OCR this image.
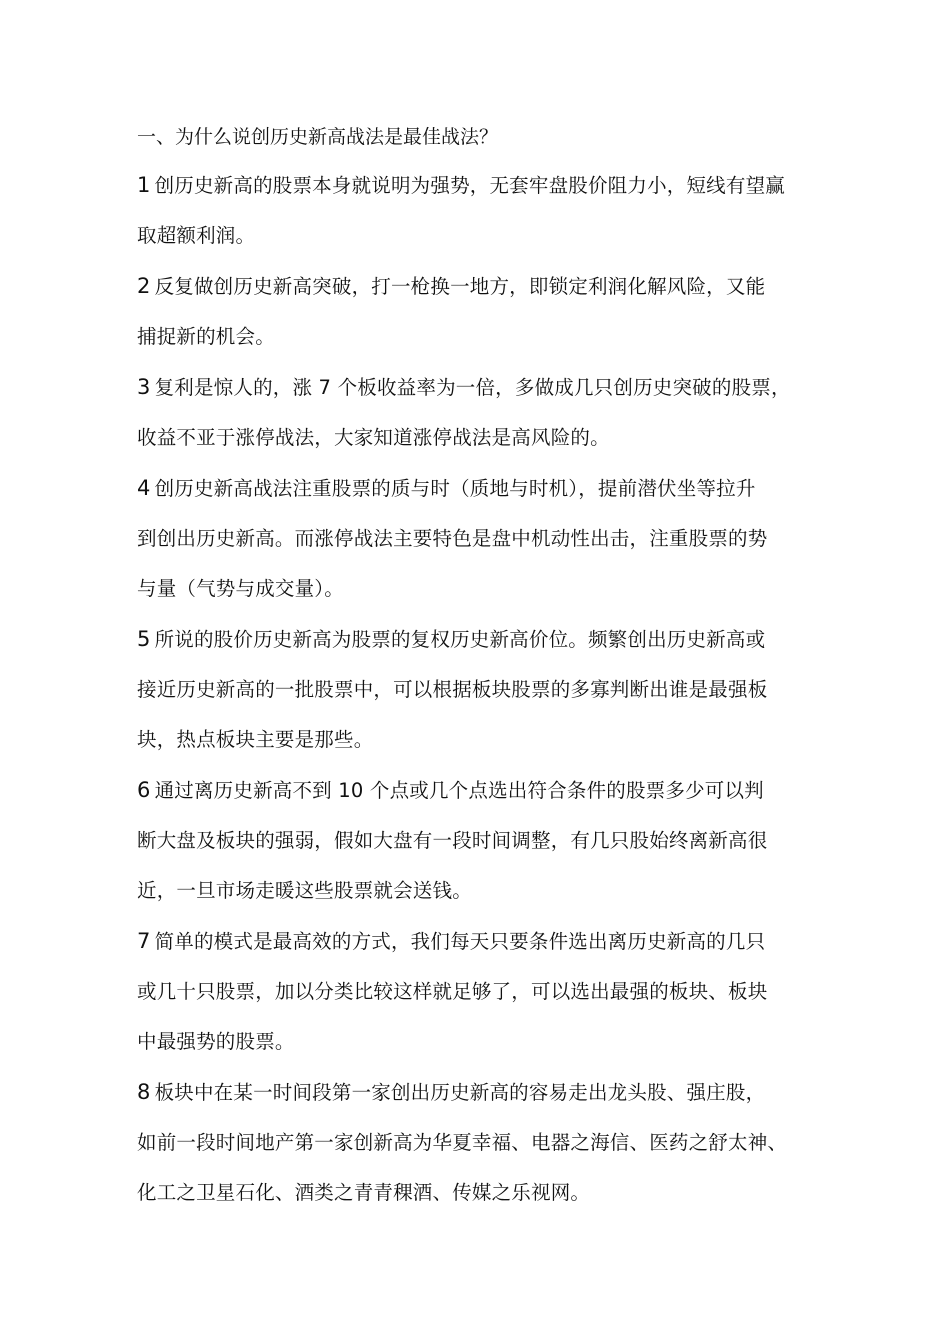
一、为什么说创历史新高战法是最佳战法？
1 创历史新高的股票本身就说明为强势，无套牢盘股价阻力小，短线有望赢
取超额利润。
2 反复做创历史新高突破，打一枪换一地方，即锁定利润化解风险，又能
捕捉新的机会。
3 复利是惊人的，涨 7 个板收益率为一倍，多做成几只创历史突破的股票，
收益不亚于涨停战法，大家知道涨停战法是高风险的。
4 创历史新高战法注重股票的质与时（质地与时机），提前潜伏坐等拉升
到创出历史新高。而涨停战法主要特色是盘中机动性出击，注重股票的势
与量（气势与成交量）。
5 所说的股价历史新高为股票的复权历史新高价位。频繁创出历史新高或
接近历史新高的一批股票中，可以根据板块股票的多寡判断出谁是最强板
块，热点板块主要是那些。
6 通过离历史新高不到 10 个点或几个点选出符合条件的股票多少可以判
断大盘及板块的强弱，假如大盘有一段时间调整，有几只股始终离新高很
近，一旦市场走暖这些股票就会送钱。
7 简单的模式是最高效的方式，我们每天只要条件选出离历史新高的几只
或几十只股票，加以分类比较这样就足够了，可以选出最强的板块、板块
中最强势的股票。
8 板块中在某一时间段第一家创出历史新高的容易走出龙头股、强庄股，
如前一段时间地产第一家创新高为华夏幸福、电器之海信、医药之舒太神、
化工之卫星石化、酒类之青青稞酒、传媒之乐视网。
